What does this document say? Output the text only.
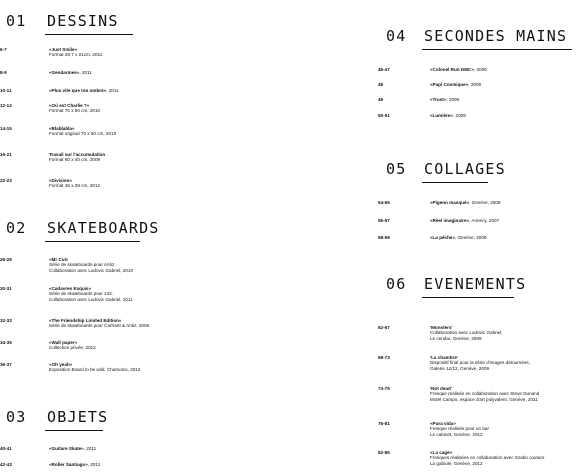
01 DESSINS
6-7	«Just Smile»
Format 29,7 x 21cm, 2011
8-9	«Gendarmes», 2011
10-11	«Plus vite que ton ombre», 2011
12-13	«Où est Charlie ?»
Format 70 x 50 cm, 2010
14-15	«Blablabla»
Format original 70 x 50 cm, 2010
16-21	Travail sur l'accumulation
Format 60 x 40 cm, 2009
22-23	«Division»
Format 46 x 28 cm, 2012
02 SKATEBOARDS
26-29	«Mr Cul»
Série de skateboards pour Antiz.
Collaboration avec Ludovic Gabriel, 2010
30-31	«Cadavres Exquis»
Série de skateboards pour 242.
Collaboration avec Ludovic Gabriel, 2011
32-33	«The Friendship Limited Edition»
Série de skateboards pour Carhartt & Antiz, 2006
34-35	«Wall paper»
Collection privée, 2012
36-37	«Oh yeah»
Exposition Board to be wild, Chamonix, 2012
03 OBJETS
40-41	«Guitare Skate», 2011
42-43	«Roller Santiago», 2011
04 SECONDES MAINS
46-47	«Colonel Run DMC», 2009
48	«Papi Cosmique», 2009
49	«Trust», 2009
50-51	«Lumière», 2009
05 COLLAGES
54-55	«Pigeon masqué», Genève, 2009
56-57	«Réel imaginaire», Annecy, 2007
58-59	«La pêche», Genève, 2009
06 EVENEMENTS
62-67	'Monsters'
Collaboration avec Ludovic Gabriel,
Le cendar, Genève, 2009
68-73	'La chambre'
Dispositif final pour la série d'images détournées,
Galerie 12/12, Genève, 2009
74-75	'Not dead'
Fresque réalisée en collaboration avec Steve Dunand
Motel Campo, espace d'art polyvalent, Genève, 2011
76-81	«Pura vida»
Fresque réalisée pour un bar
Le cabinet, Genève, 2012
82-85	«La cage»
Fresques réalisées en collaboration avec Szabo couture
La gabiule, Genève, 2012
